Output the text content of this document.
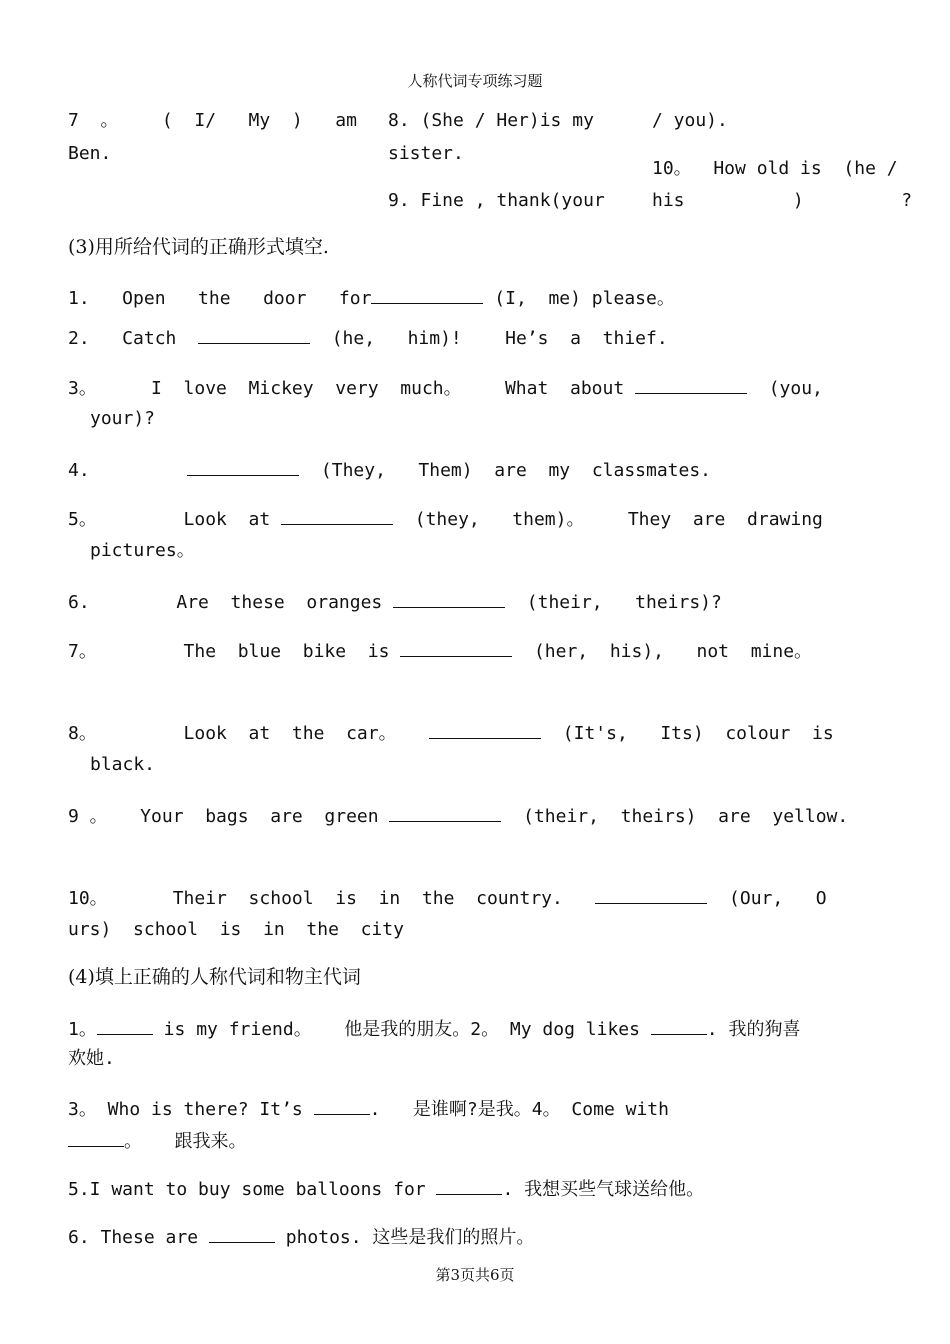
人称代词专项练习题
7  。    (  I/   My  )   am
Ben.
8. (She / Her)is my
sister.
/ you).
10。  How old is  (he /
his          )         ?
9. Fine , thank(your
(3)用所给代词的正确形式填空.
1.   Open   the   door   for	(I,  me) please。
2.   Catch	(he,   him)!    He’s  a  thief.
3。     I  love  Mickey  very  much。    What  about	(you,
your)?
4.	(They,   Them)  are  my  classmates.
5。        Look  at	(they,   them)。    They  are  drawing
pictures。
6.        Are  these  oranges	(their,   theirs)?
7。        The  blue  bike  is	(her,  his),   not  mine。
8。        Look  at  the  car。	(It's,   Its)  colour  is
black.
9 。   Your  bags  are  green	(their,  theirs)  are  yellow.
10。      Their  school  is  in  the  country.	(Our,   O
urs)  school  is  in  the  city
(4)填上正确的人称代词和物主代词
1。	is my friend。   他是我的朋友。2。 My dog likes	. 我的狗喜
欢她.
3。 Who is there? It’s	.   是谁啊?是我。4。 Come with
。   跟我来。
5.I want to buy some balloons for	. 我想买些气球送给他。
6. These are	photos. 这些是我们的照片。
第3页共6页
